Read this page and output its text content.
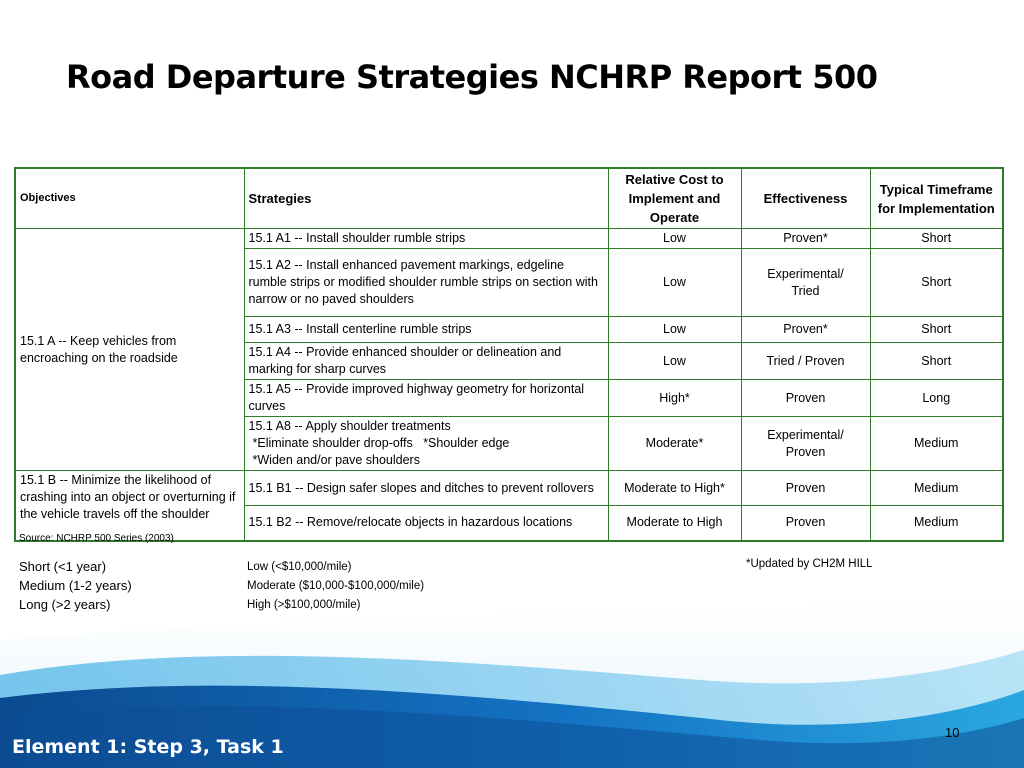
Road Departure Strategies NCHRP Report 500
Objectives	Strategies	Relative Cost to Implement and Operate	Effectiveness	Typical Timeframe for Implementation
15.1 A -- Keep vehicles from encroaching on the roadside	15.1 A1 -- Install shoulder rumble strips	Low	Proven*	Short
	15.1 A2 -- Install enhanced pavement markings, edgeline rumble strips or modified shoulder rumble strips on section with narrow or no paved shoulders	Low	Experimental/ Tried	Short
	15.1 A3 -- Install centerline rumble strips	Low	Proven*	Short
	15.1 A4 -- Provide enhanced shoulder or delineation and marking for sharp curves	Low	Tried / Proven	Short
	15.1 A5 -- Provide improved highway geometry for horizontal curves	High*	Proven	Long

	15.1 A8 -- Apply shoulder treatments
*Eliminate shoulder drop-offs   *Shoulder edge
*Widen and/or pave shoulders	Moderate*	Experimental/ Proven	Medium
15.1 B -- Minimize the likelihood of crashing into an object or overturning if the vehicle travels off the shoulder	15.1 B1 -- Design safer slopes and ditches to prevent rollovers	Moderate to High*	Proven	Medium
	15.1 B2 -- Remove/relocate objects in hazardous locations	Moderate to High	Proven	Medium
Source: NCHRP 500 Series (2003)
Short (<1 year)
Medium (1-2 years)
Long (>2 years)
Low (<$10,000/mile)
Moderate ($10,000-$100,000/mile)
High (>$100,000/mile)
*Updated by CH2M HILL
Element 1: Step 3, Task 1
10
